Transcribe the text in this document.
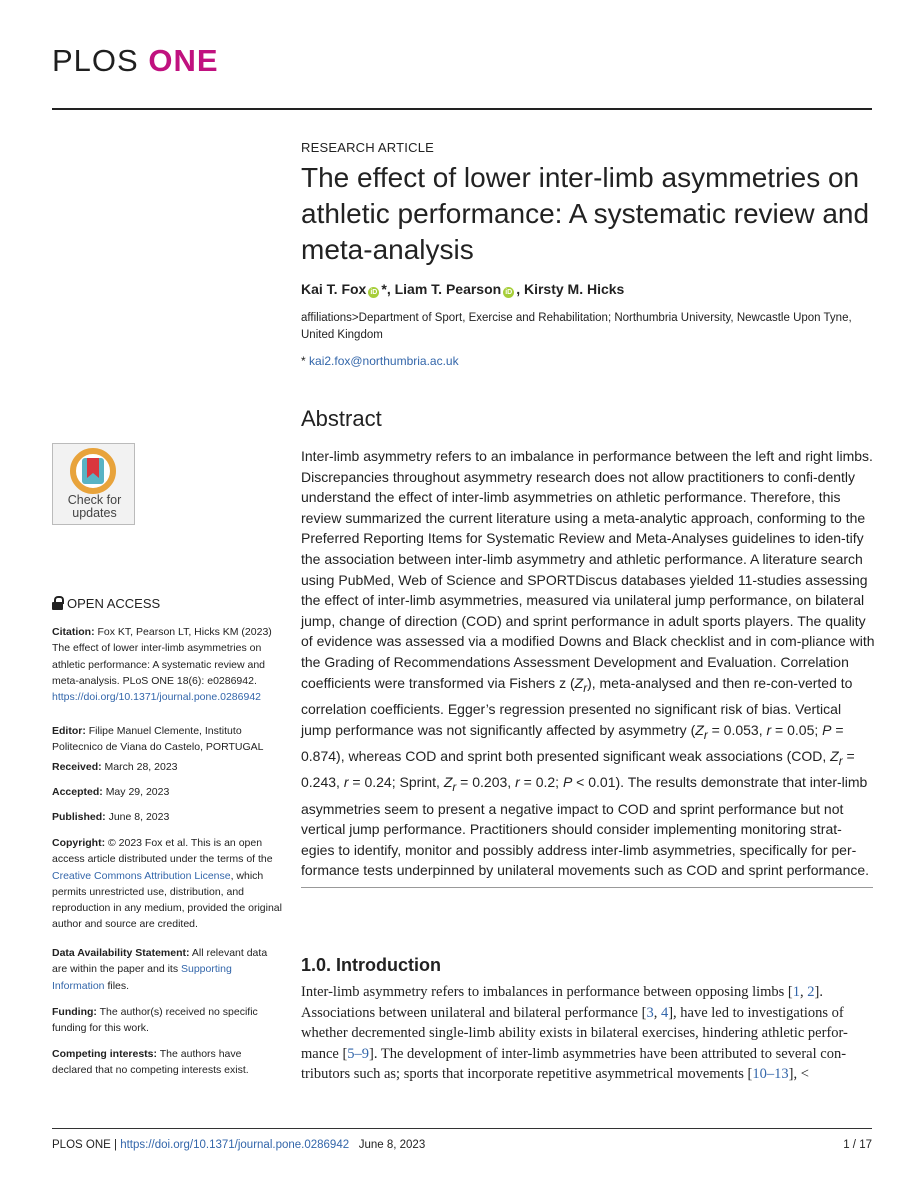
PLOS ONE
Check for updates
OPEN ACCESS
Citation: Fox KT, Pearson LT, Hicks KM (2023) The effect of lower inter-limb asymmetries on athletic performance: A systematic review and meta-analysis. PLoS ONE 18(6): e0286942. https://doi.org/10.1371/journal.pone.0286942
Editor: Filipe Manuel Clemente, Instituto Politecnico de Viana do Castelo, PORTUGAL
Received: March 28, 2023
Accepted: May 29, 2023
Published: June 8, 2023
Copyright: © 2023 Fox et al. This is an open access article distributed under the terms of the Creative Commons Attribution License, which permits unrestricted use, distribution, and reproduction in any medium, provided the original author and source are credited.
Data Availability Statement: All relevant data are within the paper and its Supporting Information files.
Funding: The author(s) received no specific funding for this work.
Competing interests: The authors have declared that no competing interests exist.
RESEARCH ARTICLE
The effect of lower inter-limb asymmetries on athletic performance: A systematic review and meta-analysis
Kai T. Fox iD *, Liam T. Pearson iD , Kirsty M. Hicks
affiliations>Department of Sport, Exercise and Rehabilitation; Northumbria University, Newcastle Upon Tyne, United Kingdom
* kai2.fox@northumbria.ac.uk
Abstract

Inter-limb asymmetry refers to an imbalance in performance between the left and right limbs. Discrepancies throughout asymmetry research does not allow practitioners to confi-dently understand the effect of inter-limb asymmetries on athletic performance. Therefore, this review summarized the current literature using a meta-analytic approach, conforming to the Preferred Reporting Items for Systematic Review and Meta-Analyses guidelines to iden-tify the association between inter-limb asymmetry and athletic performance. A literature search using PubMed, Web of Science and SPORTDiscus databases yielded 11-studies assessing the effect of inter-limb asymmetries, measured via unilateral jump performance, on bilateral jump, change of direction (COD) and sprint performance in adult sports players. The quality of evidence was assessed via a modified Downs and Black checklist and in com-pliance with the Grading of Recommendations Assessment Development and Evaluation. Correlation coefficients were transformed via Fishers z $(Z_r)$, meta-analysed and then re-con-verted to correlation coefficients. Egger’s regression presented no significant risk of bias. Vertical jump performance was not significantly affected by asymmetry ($Z_r = 0.053$, r = 0.05; P = 0.874), whereas COD and sprint both presented significant weak associations (COD, $Z_r = 0.243$, r = 0.24; Sprint, $Z_r = 0.203$, r = 0.2; P < 0.01). The results demonstrate that inter-limb asymmetries seem to present a negative impact to COD and sprint performance but not vertical jump performance. Practitioners should consider implementing monitoring strat-egies to identify, monitor and possibly address inter-limb asymmetries, specifically for per-formance tests underpinned by unilateral movements such as COD and sprint performance.

1.0. Introduction

Inter-limb asymmetry refers to imbalances in performance between opposing limbs [1, 2]. Associations between unilateral and bilateral performance [3, 4], have led to investigations of whether decremented single-limb ability exists in bilateral exercises, hindering athletic perfor-mance [5–9]. The development of inter-limb asymmetries have been attributed to several con-tributors such as; sports that incorporate repetitive asymmetrical movements [10–13], <

PLOS ONE | https://doi.org/10.1371/journal.pone.0286942 June 8, 2023	1 / 17
